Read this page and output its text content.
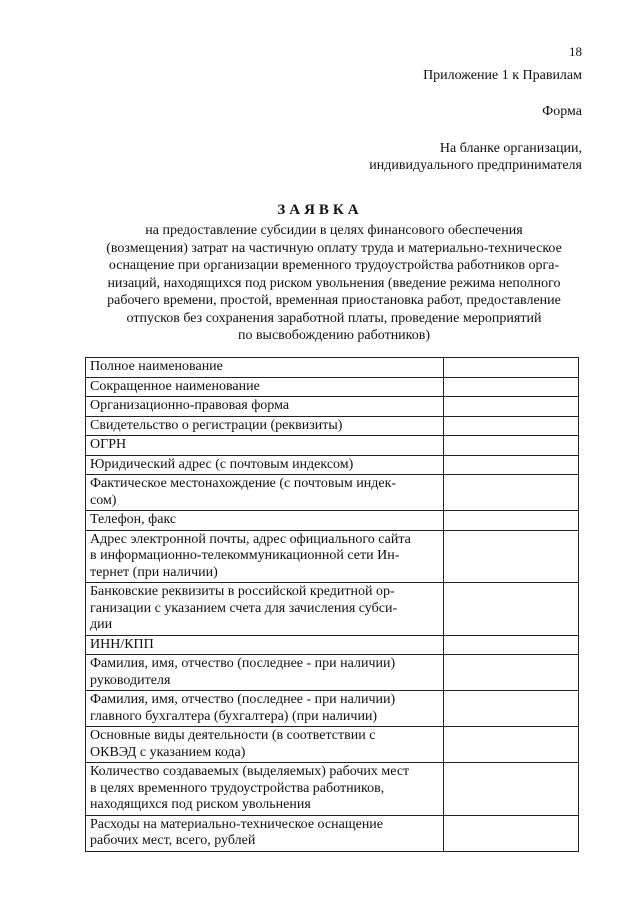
18
Приложение 1 к Правилам
Форма
На бланке организации,
индивидуального предпринимателя
ЗАЯВКА
на предоставление субсидии в целях финансового обеспечения
(возмещения) затрат на частичную оплату труда и материально-техническое
оснащение при организации временного трудоустройства работников орга-
низаций, находящихся под риском увольнения (введение режима неполного
рабочего времени, простой, временная приостановка работ, предоставление
отпусков без сохранения заработной платы, проведение мероприятий
по высвобождению работников)
Полное наименование	

Сокращенное наименование	

Организационно-правовая форма	

Свидетельство о регистрации (реквизиты)	

ОГРН	

Юридический адрес (с почтовым индексом)	

Фактическое местонахождение (с почтовым индек-
сом)	

Телефон, факс	

Адрес электронной почты, адрес официального сайта
в информационно-телекоммуникационной сети Ин-
тернет (при наличии)	

Банковские реквизиты в российской кредитной ор-
ганизации с указанием счета для зачисления субси-
дии	

ИНН/КПП	

Фамилия, имя, отчество (последнее - при наличии)
руководителя	

Фамилия, имя, отчество (последнее - при наличии)
главного бухгалтера (бухгалтера) (при наличии)	

Основные виды деятельности (в соответствии с
ОКВЭД с указанием кода)	

Количество создаваемых (выделяемых) рабочих мест
в целях временного трудоустройства работников,
находящихся под риском увольнения	

Расходы на материально-техническое оснащение
рабочих мест, всего, рублей	
